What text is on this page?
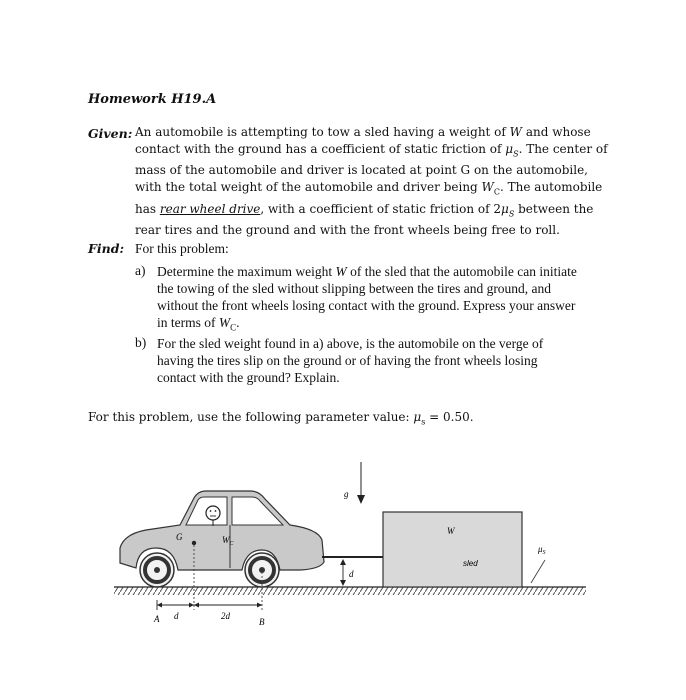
Homework H19.A
Given: An automobile is attempting to tow a sled having a weight of W and whose
contact with the ground has a coefficient of static friction of $\mu_S$. The center of
mass of the automobile and driver is located at point G on the automobile,
with the total weight of the automobile and driver being $W_C$. The automobile
has rear wheel drive, with a coefficient of static friction of $2\mu_S$ between the
rear tires and the ground and with the front wheels being free to roll.
Find: For this problem:
a) Determine the maximum weight W of the sled that the automobile can initiate
the towing of the sled without slipping between the tires and ground, and
without the front wheels losing contact with the ground. Express your answer
in terms of $W_C$.
b) For the sled weight found in a) above, is the automobile on the verge of
having the tires slip on the ground or of having the front wheels losing
contact with the ground? Explain.
For this problem, use the following parameter value: $\mu_s = 0.50$.
g
G	$W_C$
d
W
sled
$\mu_S$
A d	2d
B
